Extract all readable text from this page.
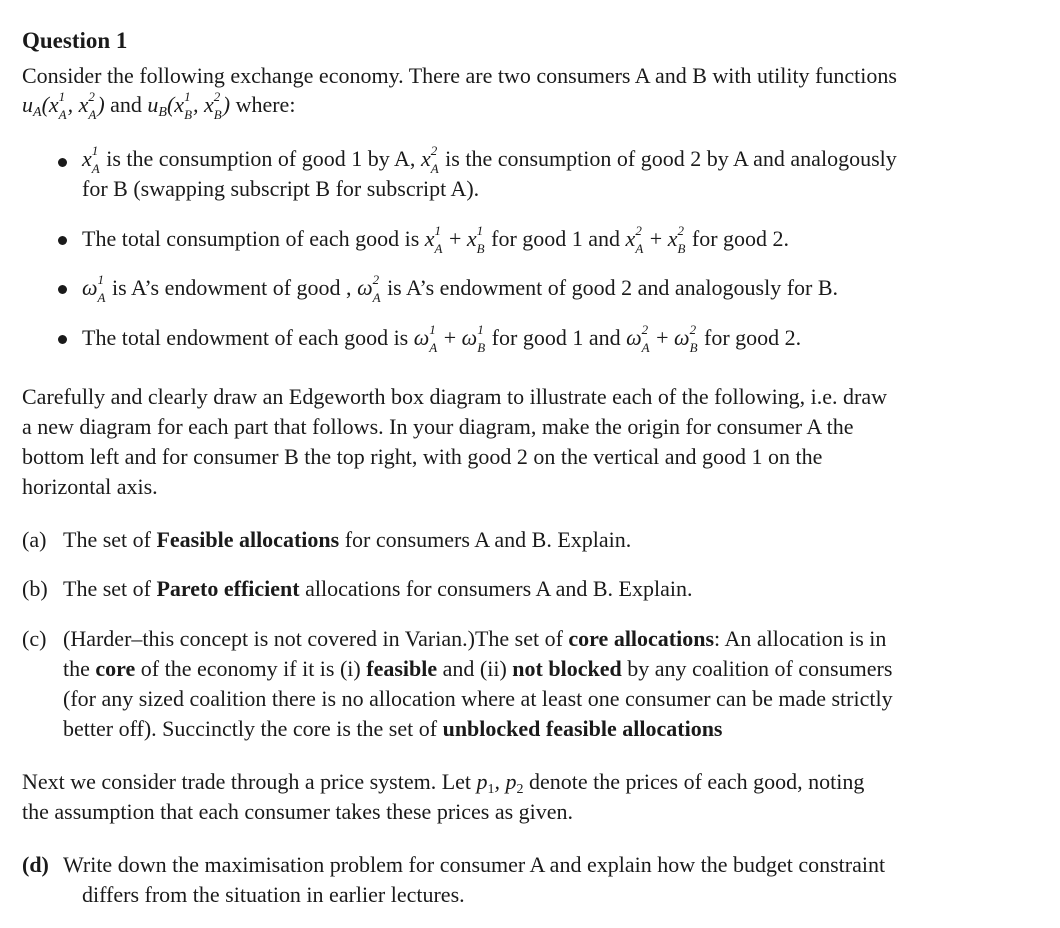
Question 1
Consider the following exchange economy. There are two consumers A and B with utility functions
uA(x 1
A , x 2
A ) and uB(x 1
B , x 2
B ) where:
x 1
A is the consumption of good 1 by A, x 2
A is the consumption of good 2 by A and analogously
for B (swapping subscript B for subscript A).
The total consumption of each good is x 1
A + x 1
B for good 1 and x 2
A + x 2
B for good 2.
ω 1
A is A’s endowment of good , ω 2
A is A’s endowment of good 2 and analogously for B.
The total endowment of each good is ω 1
A + ω 1
B for good 1 and ω 2
A + ω 2
B for good 2.
Carefully and clearly draw an Edgeworth box diagram to illustrate each of the following, i.e. draw
a new diagram for each part that follows. In your diagram, make the origin for consumer A the
bottom left and for consumer B the top right, with good 2 on the vertical and good 1 on the
horizontal axis.
(a) The set of Feasible allocations for consumers A and B. Explain.
(b) The set of Pareto efficient allocations for consumers A and B. Explain.
(c) (Harder–this concept is not covered in Varian.)The set of core allocations: An allocation is in
the core of the economy if it is (i) feasible and (ii) not blocked by any coalition of consumers
(for any sized coalition there is no allocation where at least one consumer can be made strictly
better off). Succinctly the core is the set of unblocked feasible allocations
Next we consider trade through a price system. Let p1, p2 denote the prices of each good, noting
the assumption that each consumer takes these prices as given.
(d) Write down the maximisation problem for consumer A and explain how the budget constraint
differs from the situation in earlier lectures.
